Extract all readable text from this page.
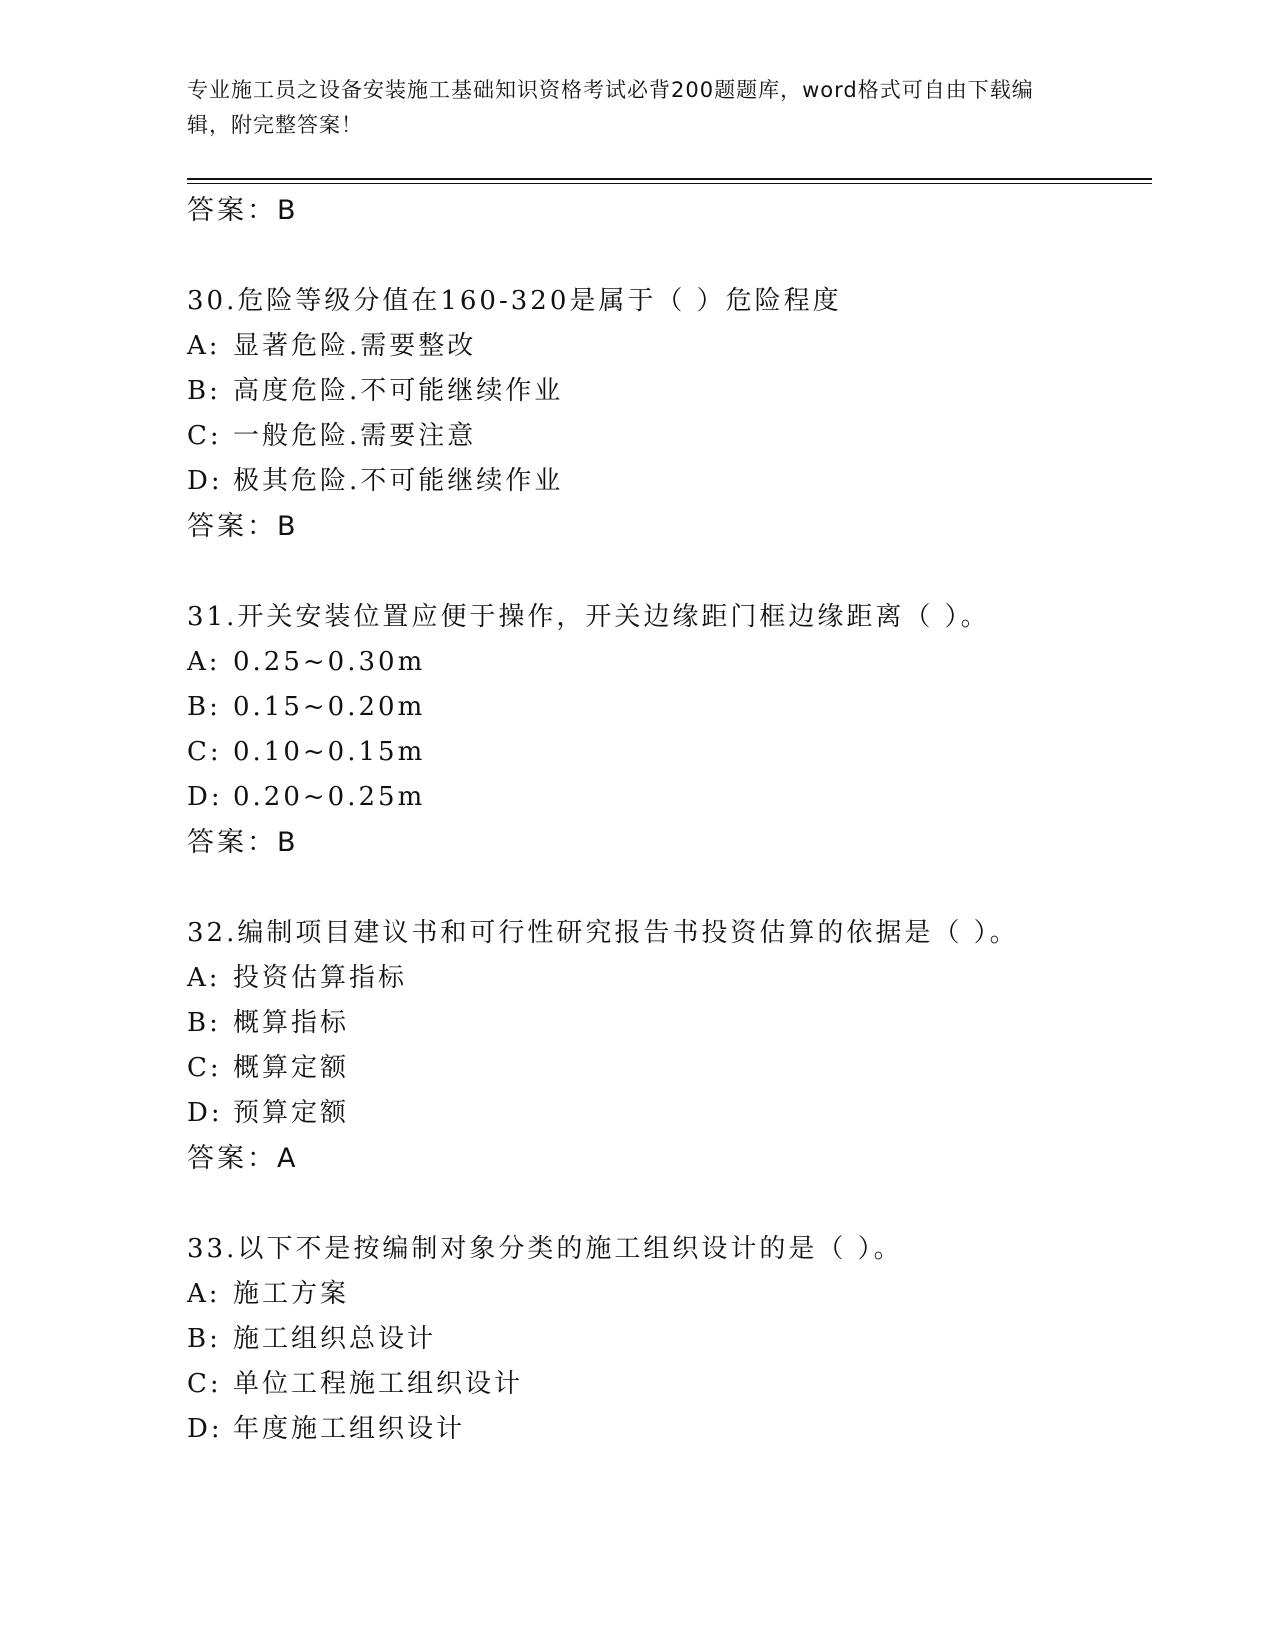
专业施工员之设备安装施工基础知识资格考试必背200题题库，word格式可自由下载编辑，附完整答案！
答案：B
30.危险等级分值在160-320是属于（ ）危险程度
A: 显著危险.需要整改
B: 高度危险.不可能继续作业
C: 一般危险.需要注意
D: 极其危险.不可能继续作业
答案：B
31.开关安装位置应便于操作，开关边缘距门框边缘距离（ ）。
A: 0.25~0.30m
B: 0.15~0.20m
C: 0.10~0.15m
D: 0.20~0.25m
答案：B
32.编制项目建议书和可行性研究报告书投资估算的依据是（ ）。
A: 投资估算指标
B: 概算指标
C: 概算定额
D: 预算定额
答案：A
33.以下不是按编制对象分类的施工组织设计的是（ ）。
A: 施工方案
B: 施工组织总设计
C: 单位工程施工组织设计
D: 年度施工组织设计
